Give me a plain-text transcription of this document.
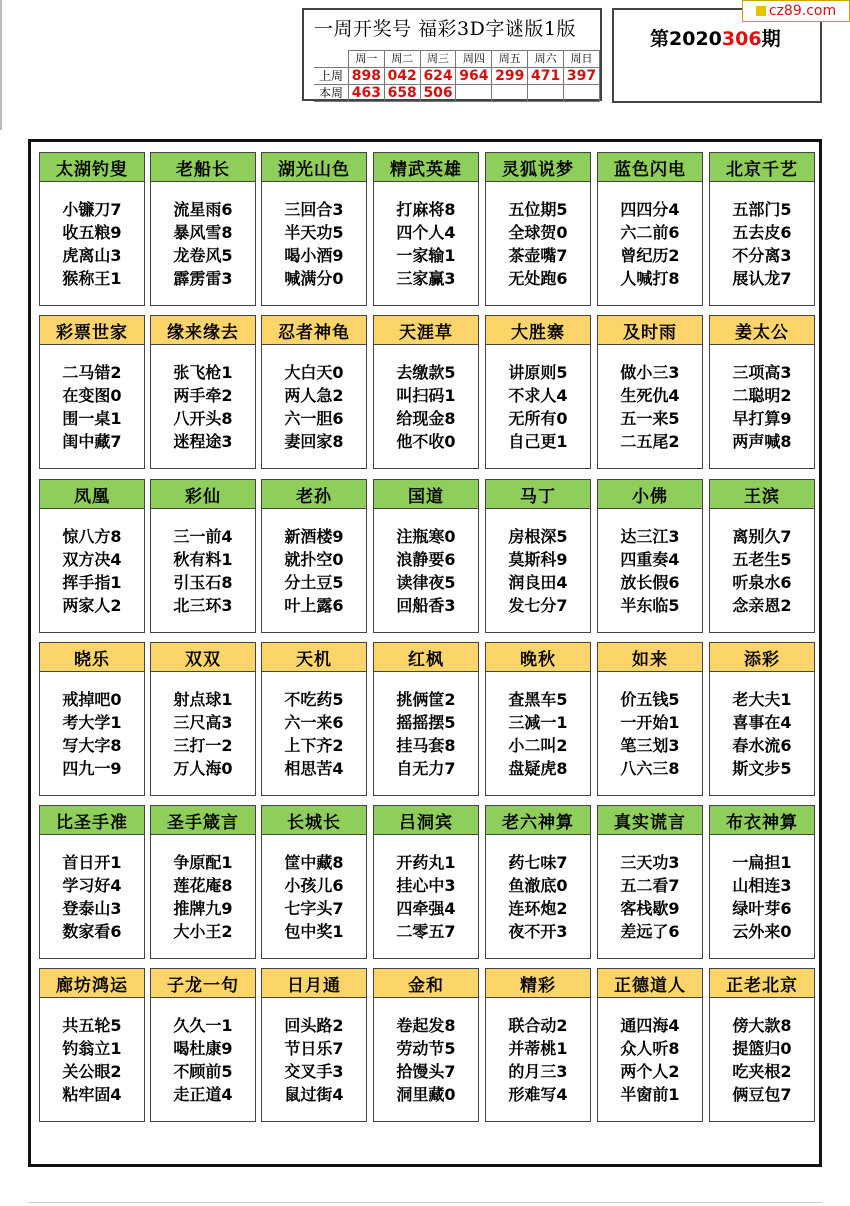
一周开奖号 福彩3D字谜版1版
	周一	周二	周三	周四	周五	周六	周日
上周	898	042	624	964	299	471	397
本周	463	658	506				
第2020306期
cz89.com
太湖钓叟
小镰刀7
收五粮9
虎离山3
猴称王1
老船长
流星雨6
暴风雪8
龙卷风5
霹雳雷3
湖光山色
三回合3
半天功5
喝小酒9
喊满分0
精武英雄
打麻将8
四个人4
一家输1
三家赢3
灵狐说梦
五位期5
全球贺0
茶壶嘴7
无处跑6
蓝色闪电
四四分4
六二前6
曾纪历2
人喊打8
北京千艺
五部门5
五去皮6
不分离3
展认龙7
彩票世家
二马错2
在变图0
围一桌1
闺中藏7
缘来缘去
张飞枪1
两手牵2
八开头8
迷程途3
忍者神龟
大白天0
两人急2
六一胆6
妻回家8
天涯草
去缴款5
叫扫码1
给现金8
他不收0
大胜寨
讲原则5
不求人4
无所有0
自己更1
及时雨
做小三3
生死仇4
五一来5
二五尾2
姜太公
三项高3
二聪明2
早打算9
两声喊8
凤凰
惊八方8
双方决4
挥手指1
两家人2
彩仙
三一前4
秋有料1
引玉石8
北三环3
老孙
新酒楼9
就扑空0
分土豆5
叶上露6
国道
注瓶寒0
浪静要6
读律夜5
回船香3
马丁
房根深5
莫斯科9
润良田4
发七分7
小佛
达三江3
四重奏4
放长假6
半东临5
王滨
离别久7
五老生5
听泉水6
念亲恩2
晓乐
戒掉吧0
考大学1
写大字8
四九一9
双双
射点球1
三尺高3
三打一2
万人海0
天机
不吃药5
六一来6
上下齐2
相思苦4
红枫
挑俩筐2
摇摇摆5
挂马套8
自无力7
晚秋
查黑车5
三减一1
小二叫2
盘疑虎8
如来
价五钱5
一开始1
笔三划3
八六三8
添彩
老大夫1
喜事在4
春水流6
斯文步5
比圣手准
首日开1
学习好4
登泰山3
数家看6
圣手箴言
争原配1
莲花庵8
推牌九9
大小王2
长城长
筐中藏8
小孩儿6
七字头7
包中奖1
吕洞宾
开药丸1
挂心中3
四牵强4
二零五7
老六神算
药七味7
鱼澈底0
连环炮2
夜不开3
真实谎言
三天功3
五二看7
客栈歇9
差远了6
布衣神算
一扁担1
山相连3
绿叶芽6
云外来0
廊坊鸿运
共五轮5
钓翁立1
关公眼2
粘牢固4
子龙一句
久久一1
喝杜康9
不顾前5
走正道4
日月通
回头路2
节日乐7
交叉手3
鼠过街4
金和
卷起发8
劳动节5
拾馒头7
洞里藏0
精彩
联合动2
并蒂桃1
的月三3
形难写4
正德道人
通四海4
众人听8
两个人2
半窗前1
正老北京
傍大款8
提篮归0
吃夹根2
俩豆包7
